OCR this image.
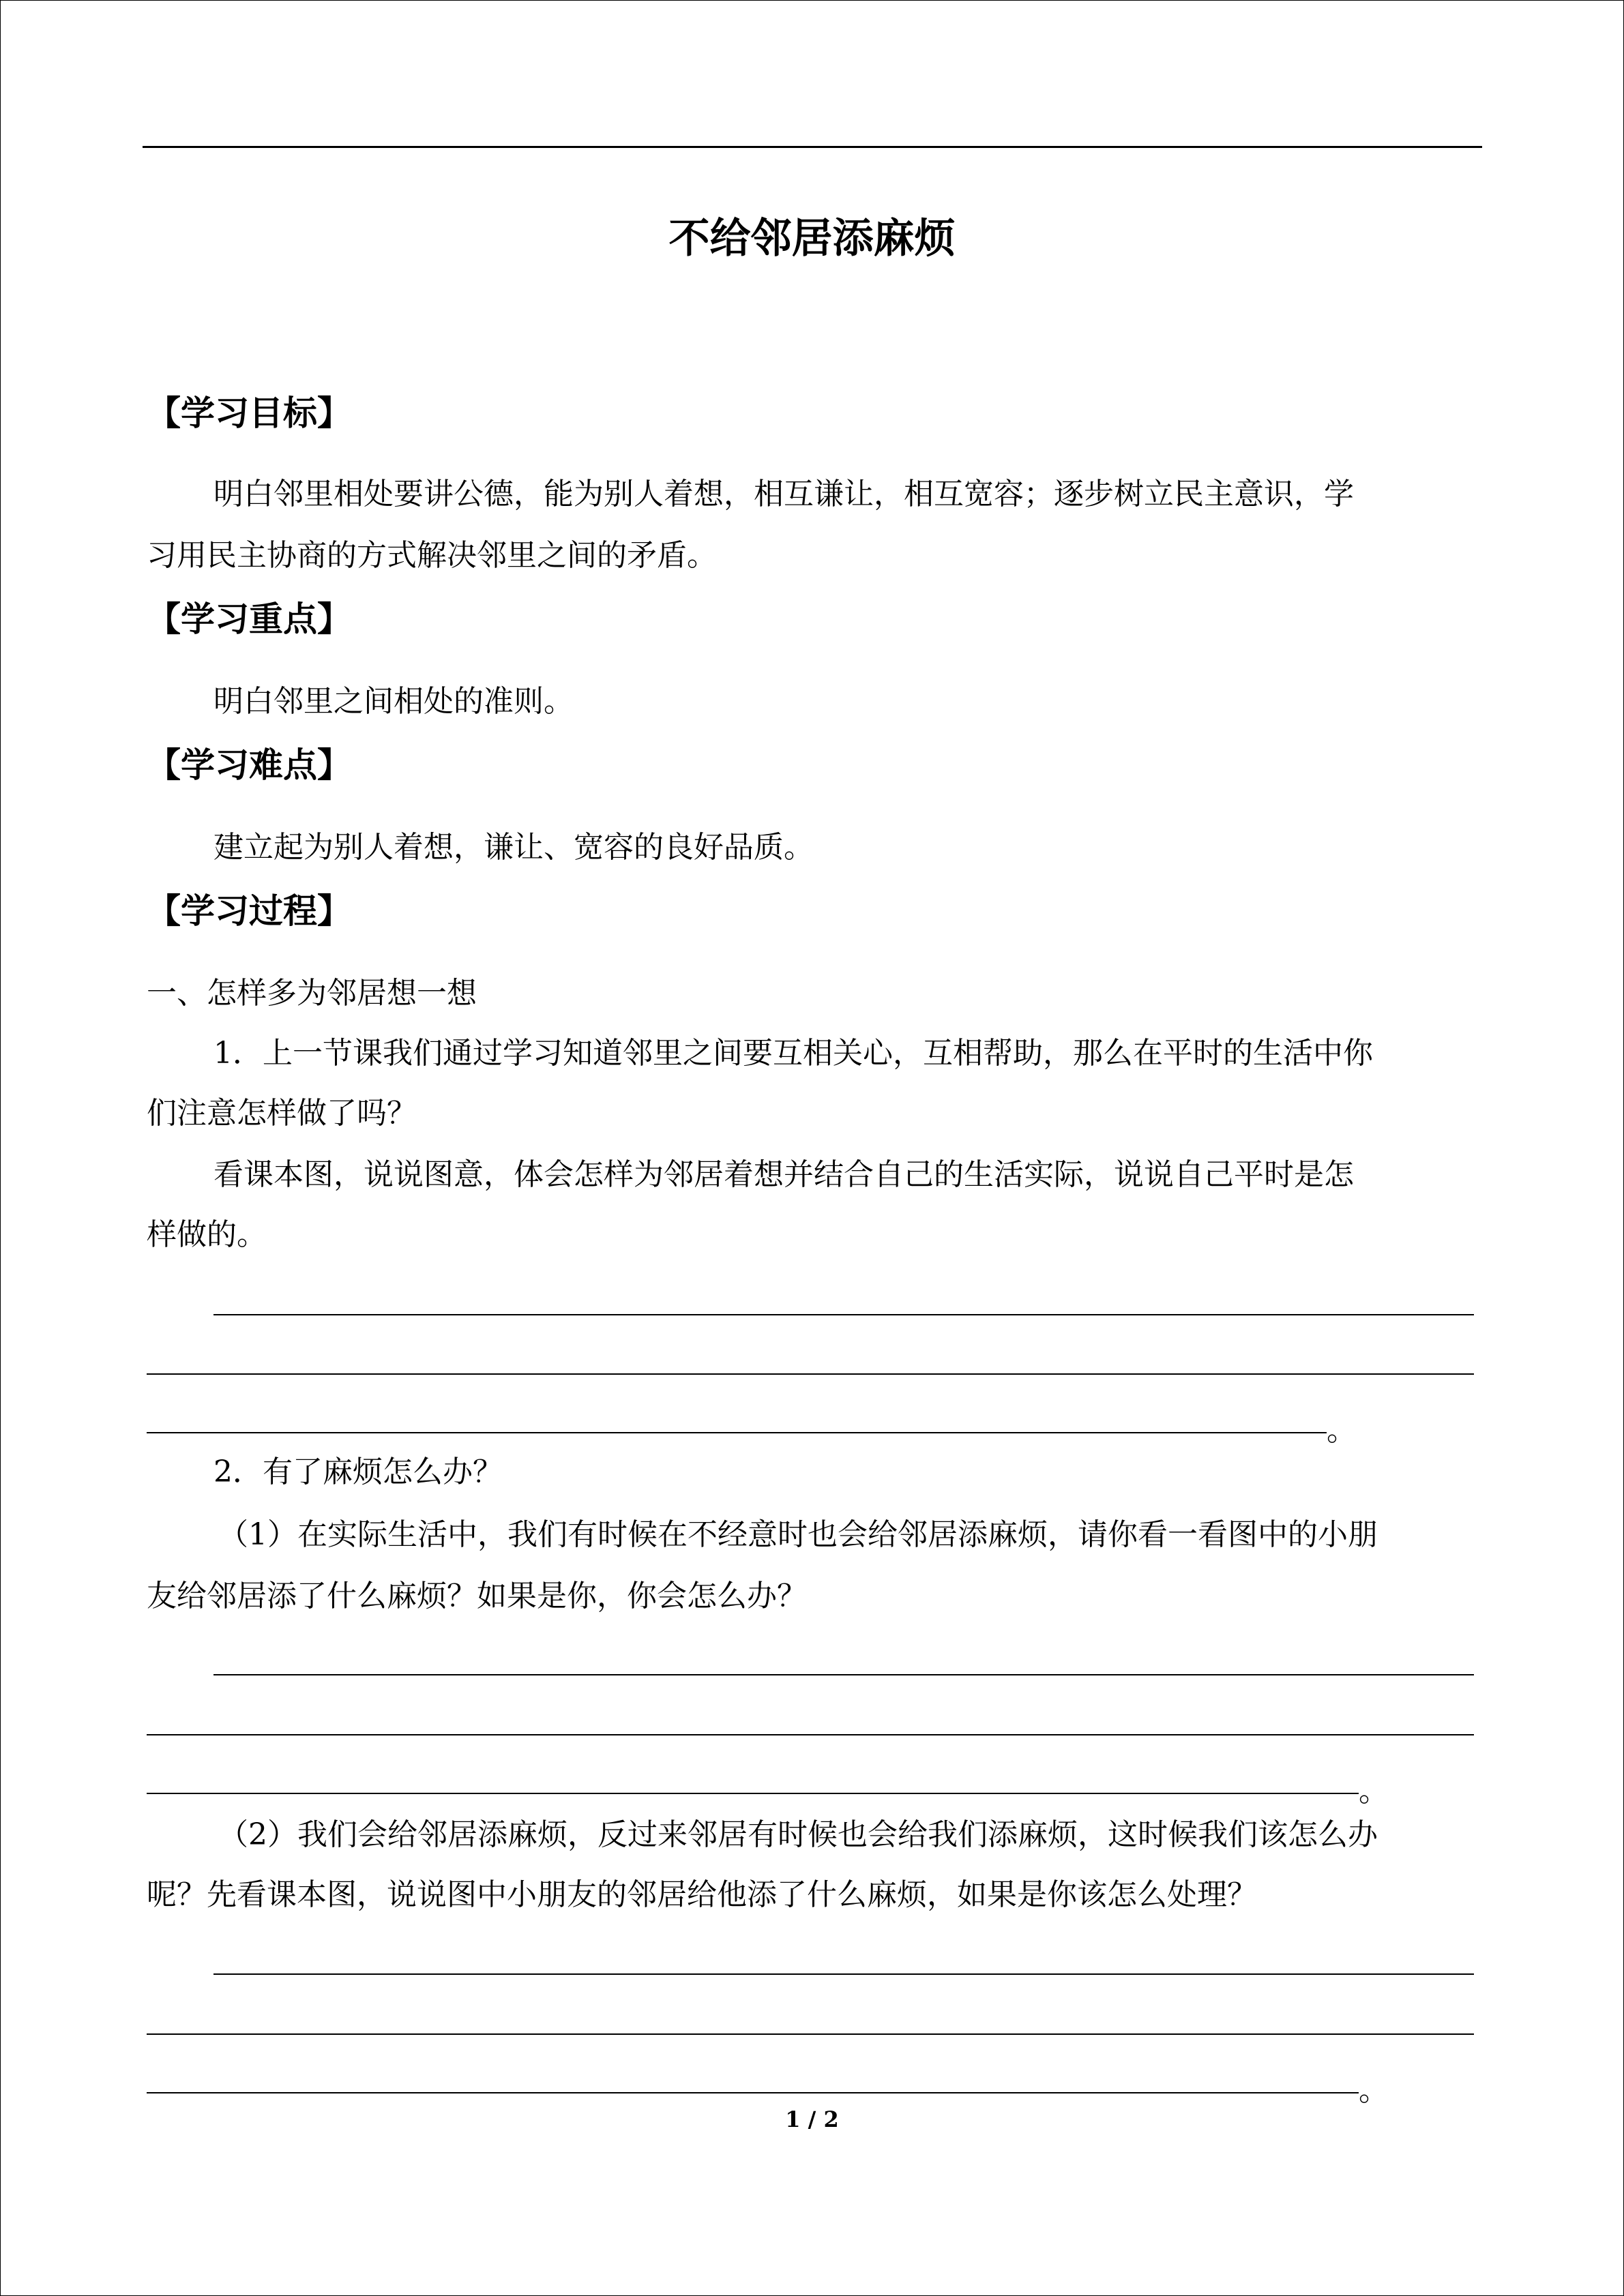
不给邻居添麻烦
【学习目标】
明白邻里相处要讲公德，能为别人着想，相互谦让，相互宽容；逐步树立民主意识，学
习用民主协商的方式解决邻里之间的矛盾。
【学习重点】
明白邻里之间相处的准则。
【学习难点】
建立起为别人着想，谦让、宽容的良好品质。
【学习过程】
一、怎样多为邻居想一想
1．上一节课我们通过学习知道邻里之间要互相关心，互相帮助，那么在平时的生活中你
们注意怎样做了吗？
看课本图，说说图意，体会怎样为邻居着想并结合自己的生活实际，说说自己平时是怎
样做的。
。
2．有了麻烦怎么办？
（1）在实际生活中，我们有时候在不经意时也会给邻居添麻烦，请你看一看图中的小朋
友给邻居添了什么麻烦？如果是你，你会怎么办？
。
（2）我们会给邻居添麻烦，反过来邻居有时候也会给我们添麻烦，这时候我们该怎么办
呢？先看课本图，说说图中小朋友的邻居给他添了什么麻烦，如果是你该怎么处理？
。
1 / 2
